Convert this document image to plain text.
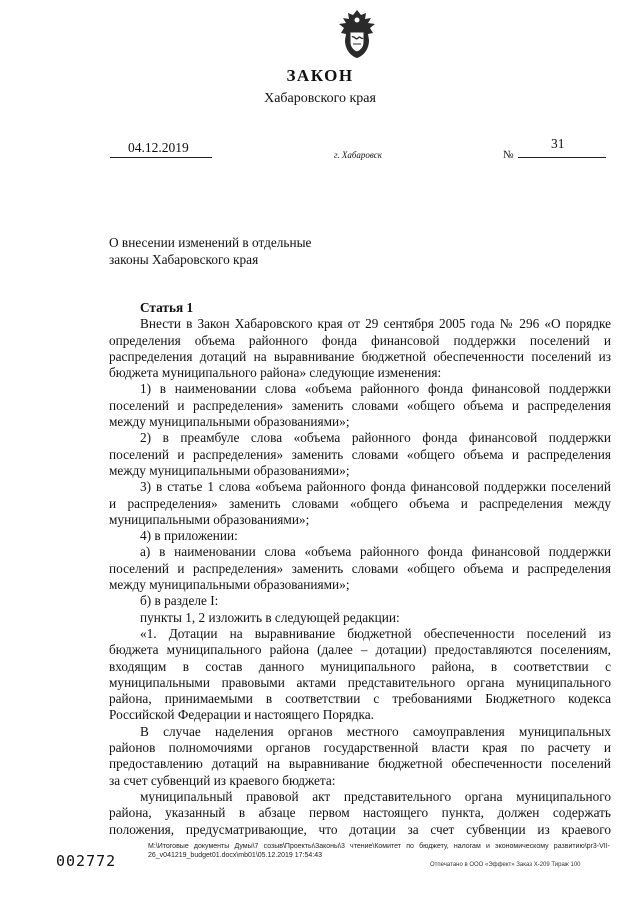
ЗАКОН
Хабаровского края
04.12.2019	г. Хабаровск	№
31
О внесении изменений в отдельные
законы Хабаровского края

Статья 1

Внести в Закон Хабаровского края от 29 сентября 2005 года № 296 «О порядке

определения объема районного фонда финансовой поддержки поселений и

распределения дотаций на выравнивание бюджетной обеспеченности поселений из

бюджета муниципального района» следующие изменения:

1) в наименовании слова «объема районного фонда финансовой поддержки

поселений и распределения» заменить словами «общего объема и распределения

между муниципальными образованиями»;

2) в преамбуле слова «объема районного фонда финансовой поддержки

поселений и распределения» заменить словами «общего объема и распределения

между муниципальными образованиями»;

3) в статье 1 слова «объема районного фонда финансовой поддержки поселений

и распределения» заменить словами «общего объема и распределения между

муниципальными образованиями»;

4) в приложении:

а) в наименовании слова «объема районного фонда финансовой поддержки

поселений и распределения» заменить словами «общего объема и распределения

между муниципальными образованиями»;

б) в разделе I:

пункты 1, 2 изложить в следующей редакции:

«1. Дотации на выравнивание бюджетной обеспеченности поселений из

бюджета муниципального района (далее – дотации) предоставляются поселениям,

входящим в состав данного муниципального района, в соответствии с

муниципальными правовыми актами представительного органа муниципального

района, принимаемыми в соответствии с требованиями Бюджетного кодекса

Российской Федерации и настоящего Порядка.

В случае наделения органов местного самоуправления муниципальных

районов полномочиями органов государственной власти края по расчету и

предоставлению дотаций на выравнивание бюджетной обеспеченности поселений

за счет субвенций из краевого бюджета:

муниципальный правовой акт представительного органа муниципального

района, указанный в абзаце первом настоящего пункта, должен содержать

положения, предусматривающие, что дотации за счет субвенции из краевого

М:\Итоговые документы Думы\7 созыв\Проекты\Законы\3 чтение\Комитет по бюджету, налогам и экономическому развитию\pr3-VII-
26_v041219_budget01.docx\mb01\05.12.2019 17:54:43
002772	Отпечатано в ООО «Эффект» Заказ Х-209 Тираж 100
